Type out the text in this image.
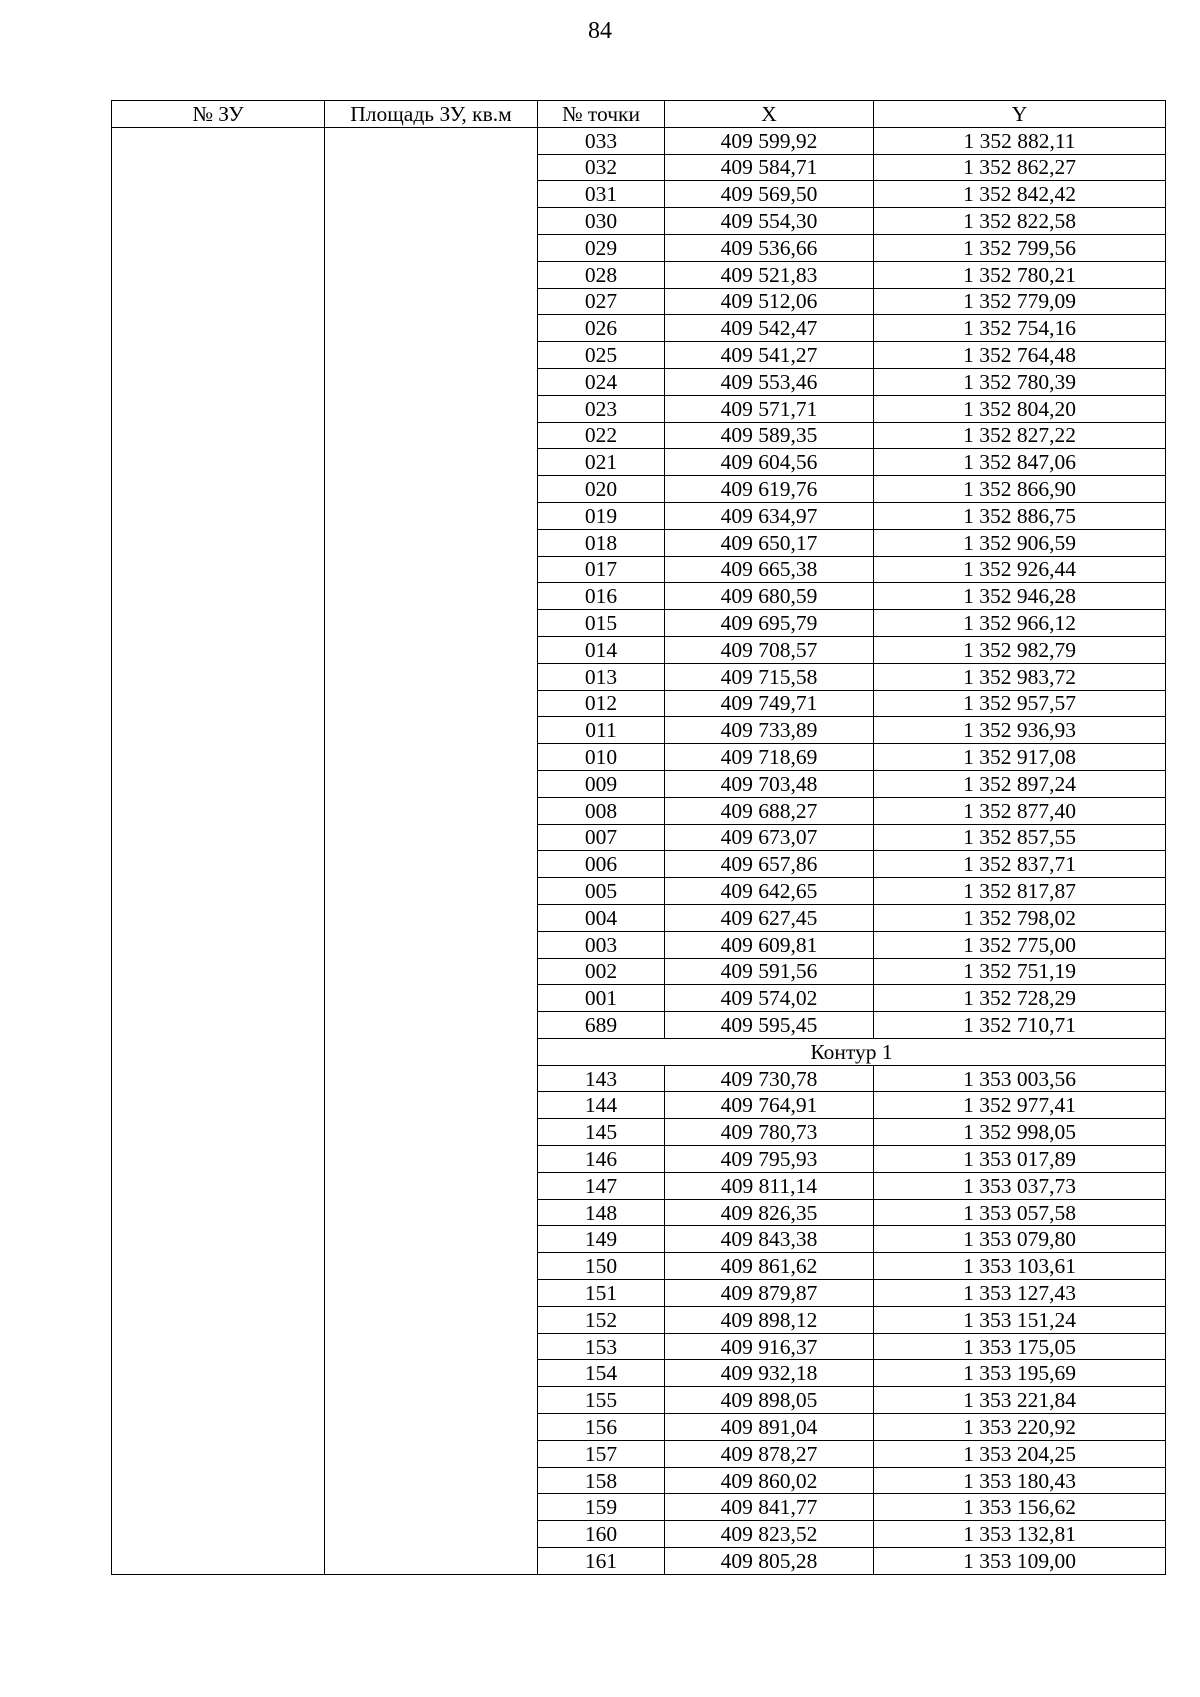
84
№ ЗУ	Площадь ЗУ, кв.м	№ точки	X	Y
		033	409 599,92	1 352 882,11
		032	409 584,71	1 352 862,27
		031	409 569,50	1 352 842,42
		030	409 554,30	1 352 822,58
		029	409 536,66	1 352 799,56
		028	409 521,83	1 352 780,21
		027	409 512,06	1 352 779,09
		026	409 542,47	1 352 754,16
		025	409 541,27	1 352 764,48
		024	409 553,46	1 352 780,39
		023	409 571,71	1 352 804,20
		022	409 589,35	1 352 827,22
		021	409 604,56	1 352 847,06
		020	409 619,76	1 352 866,90
		019	409 634,97	1 352 886,75
		018	409 650,17	1 352 906,59
		017	409 665,38	1 352 926,44
		016	409 680,59	1 352 946,28
		015	409 695,79	1 352 966,12
		014	409 708,57	1 352 982,79
		013	409 715,58	1 352 983,72
		012	409 749,71	1 352 957,57
		011	409 733,89	1 352 936,93
		010	409 718,69	1 352 917,08
		009	409 703,48	1 352 897,24
		008	409 688,27	1 352 877,40
		007	409 673,07	1 352 857,55
		006	409 657,86	1 352 837,71
		005	409 642,65	1 352 817,87
		004	409 627,45	1 352 798,02
		003	409 609,81	1 352 775,00
		002	409 591,56	1 352 751,19
		001	409 574,02	1 352 728,29
		689	409 595,45	1 352 710,71
		Контур 1		
		143	409 730,78	1 353 003,56
		144	409 764,91	1 352 977,41
		145	409 780,73	1 352 998,05
		146	409 795,93	1 353 017,89
		147	409 811,14	1 353 037,73
		148	409 826,35	1 353 057,58
		149	409 843,38	1 353 079,80
		150	409 861,62	1 353 103,61
		151	409 879,87	1 353 127,43
		152	409 898,12	1 353 151,24
		153	409 916,37	1 353 175,05
		154	409 932,18	1 353 195,69
		155	409 898,05	1 353 221,84
		156	409 891,04	1 353 220,92
		157	409 878,27	1 353 204,25
		158	409 860,02	1 353 180,43
		159	409 841,77	1 353 156,62
		160	409 823,52	1 353 132,81
		161	409 805,28	1 353 109,00
